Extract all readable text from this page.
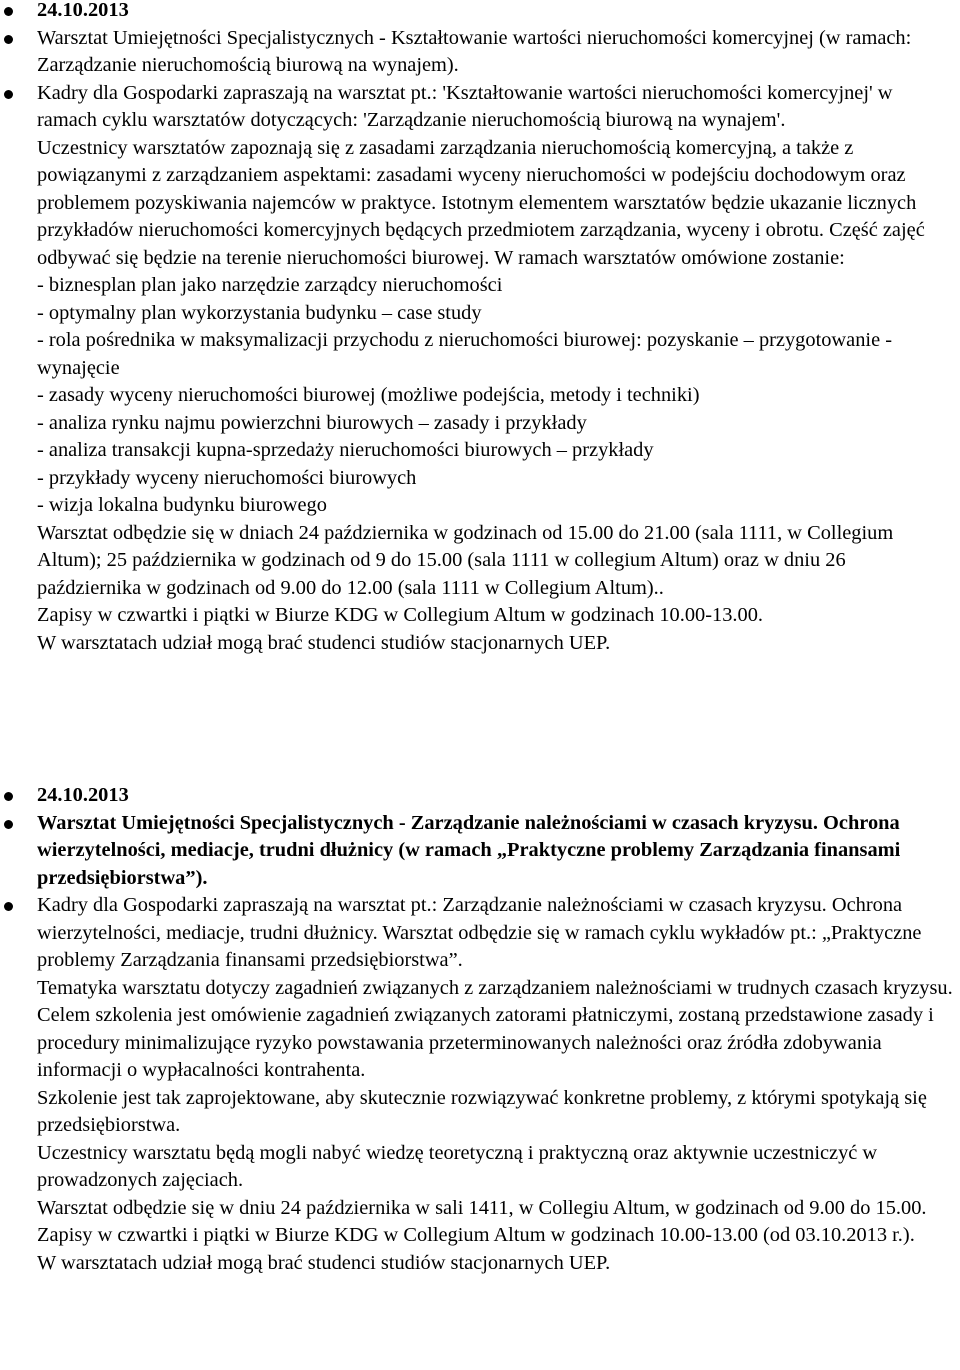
24.10.2013
Warsztat Umiejętności Specjalistycznych - Kształtowanie wartości nieruchomości komercyjnej (w ramach: Zarządzanie nieruchomością biurową na wynajem).
Kadry dla Gospodarki zapraszają na warsztat pt.: 'Kształtowanie wartości nieruchomości komercyjnej' w ramach cyklu warsztatów dotyczących: 'Zarządzanie nieruchomością biurową na wynajem'.
Uczestnicy warsztatów zapoznają się z zasadami zarządzania nieruchomością komercyjną, a także z powiązanymi z zarządzaniem aspektami: zasadami wyceny nieruchomości w podejściu dochodowym oraz problemem pozyskiwania najemców w praktyce. Istotnym elementem warsztatów będzie ukazanie licznych przykładów nieruchomości komercyjnych będących przedmiotem zarządzania, wyceny i obrotu. Część zajęć odbywać się będzie na terenie nieruchomości biurowej. W ramach warsztatów omówione zostanie:
- biznesplan plan jako narzędzie zarządcy nieruchomości
- optymalny plan wykorzystania budynku – case study
- rola pośrednika w maksymalizacji przychodu z nieruchomości biurowej: pozyskanie – przygotowanie - wynajęcie
- zasady wyceny nieruchomości biurowej (możliwe podejścia, metody i techniki)
- analiza rynku najmu powierzchni biurowych – zasady i przykłady
- analiza transakcji kupna-sprzedaży nieruchomości biurowych – przykłady
- przykłady wyceny nieruchomości biurowych
- wizja lokalna budynku biurowego
Warsztat odbędzie się w dniach 24 października w godzinach od 15.00 do 21.00 (sala 1111, w Collegium Altum); 25 października w godzinach od 9 do 15.00 (sala 1111 w collegium Altum) oraz w dniu 26 października w godzinach od 9.00 do 12.00 (sala 1111 w Collegium Altum)..
Zapisy w czwartki i piątki w Biurze KDG w Collegium Altum w godzinach 10.00-13.00.
W warsztatach udział mogą brać studenci studiów stacjonarnych UEP.
24.10.2013
Warsztat Umiejętności Specjalistycznych - Zarządzanie należnościami w czasach kryzysu. Ochrona wierzytelności, mediacje, trudni dłużnicy (w ramach „Praktyczne problemy Zarządzania finansami przedsiębiorstwa”).
Kadry dla Gospodarki zapraszają na warsztat pt.: Zarządzanie należnościami w czasach kryzysu. Ochrona wierzytelności, mediacje, trudni dłużnicy. Warsztat odbędzie się w ramach cyklu wykładów pt.: „Praktyczne problemy Zarządzania finansami przedsiębiorstwa”.
Tematyka warsztatu dotyczy zagadnień związanych z zarządzaniem należnościami w trudnych czasach kryzysu. Celem szkolenia jest omówienie zagadnień związanych zatorami płatniczymi, zostaną przedstawione zasady i procedury minimalizujące ryzyko powstawania przeterminowanych należności oraz źródła zdobywania informacji o wypłacalności kontrahenta.
Szkolenie jest tak zaprojektowane, aby skutecznie rozwiązywać konkretne problemy, z którymi spotykają się przedsiębiorstwa.
Uczestnicy warsztatu będą mogli nabyć wiedzę teoretyczną i praktyczną oraz aktywnie uczestniczyć w prowadzonych zajęciach.
Warsztat odbędzie się w dniu 24 października w sali 1411, w Collegiu Altum, w godzinach od 9.00 do 15.00.
Zapisy w czwartki i piątki w Biurze KDG w Collegium Altum w godzinach 10.00-13.00 (od 03.10.2013 r.).
W warsztatach udział mogą brać studenci studiów stacjonarnych UEP.
